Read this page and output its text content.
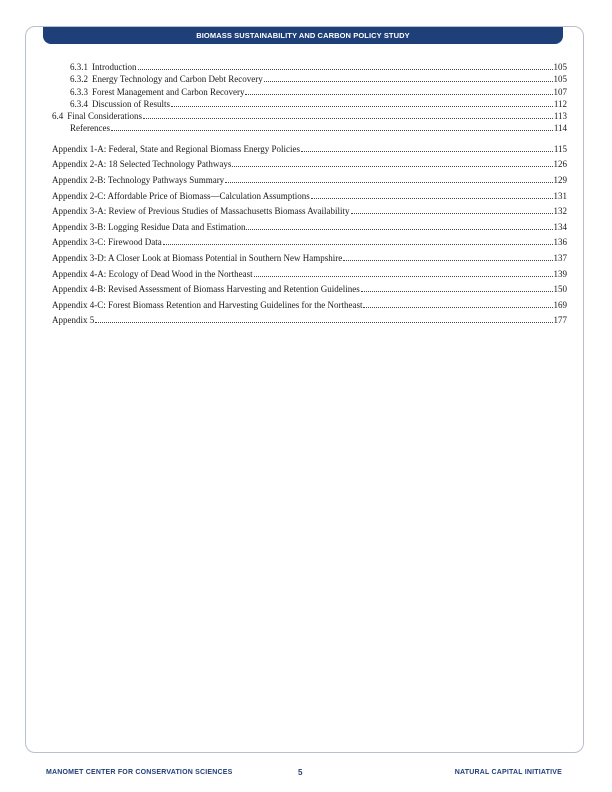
BIOMASS SUSTAINABILITY AND CARBON POLICY STUDY
6.3.1 Introduction	105
6.3.2 Energy Technology and Carbon Debt Recovery	105
6.3.3 Forest Management and Carbon Recovery	107
6.3.4 Discussion of Results	112
6.4 Final Considerations	113
References	114
Appendix 1-A: Federal, State and Regional Biomass Energy Policies	115
Appendix 2-A: 18 Selected Technology Pathways	126
Appendix 2-B: Technology Pathways Summary	129
Appendix 2-C: Affordable Price of Biomass—Calculation Assumptions	131
Appendix 3-A: Review of Previous Studies of Massachusetts Biomass Availability	132
Appendix 3-B: Logging Residue Data and Estimation	134
Appendix 3-C: Firewood Data	136
Appendix 3-D: A Closer Look at Biomass Potential in Southern New Hampshire	137
Appendix 4-A: Ecology of Dead Wood in the Northeast	139
Appendix 4-B: Revised Assessment of Biomass Harvesting and Retention Guidelines	150
Appendix 4-C: Forest Biomass Retention and Harvesting Guidelines for the Northeast	169
Appendix 5	177
MANOMET CENTER FOR CONSERVATION SCIENCES	5	NATURAL CAPITAL INITIATIVE
